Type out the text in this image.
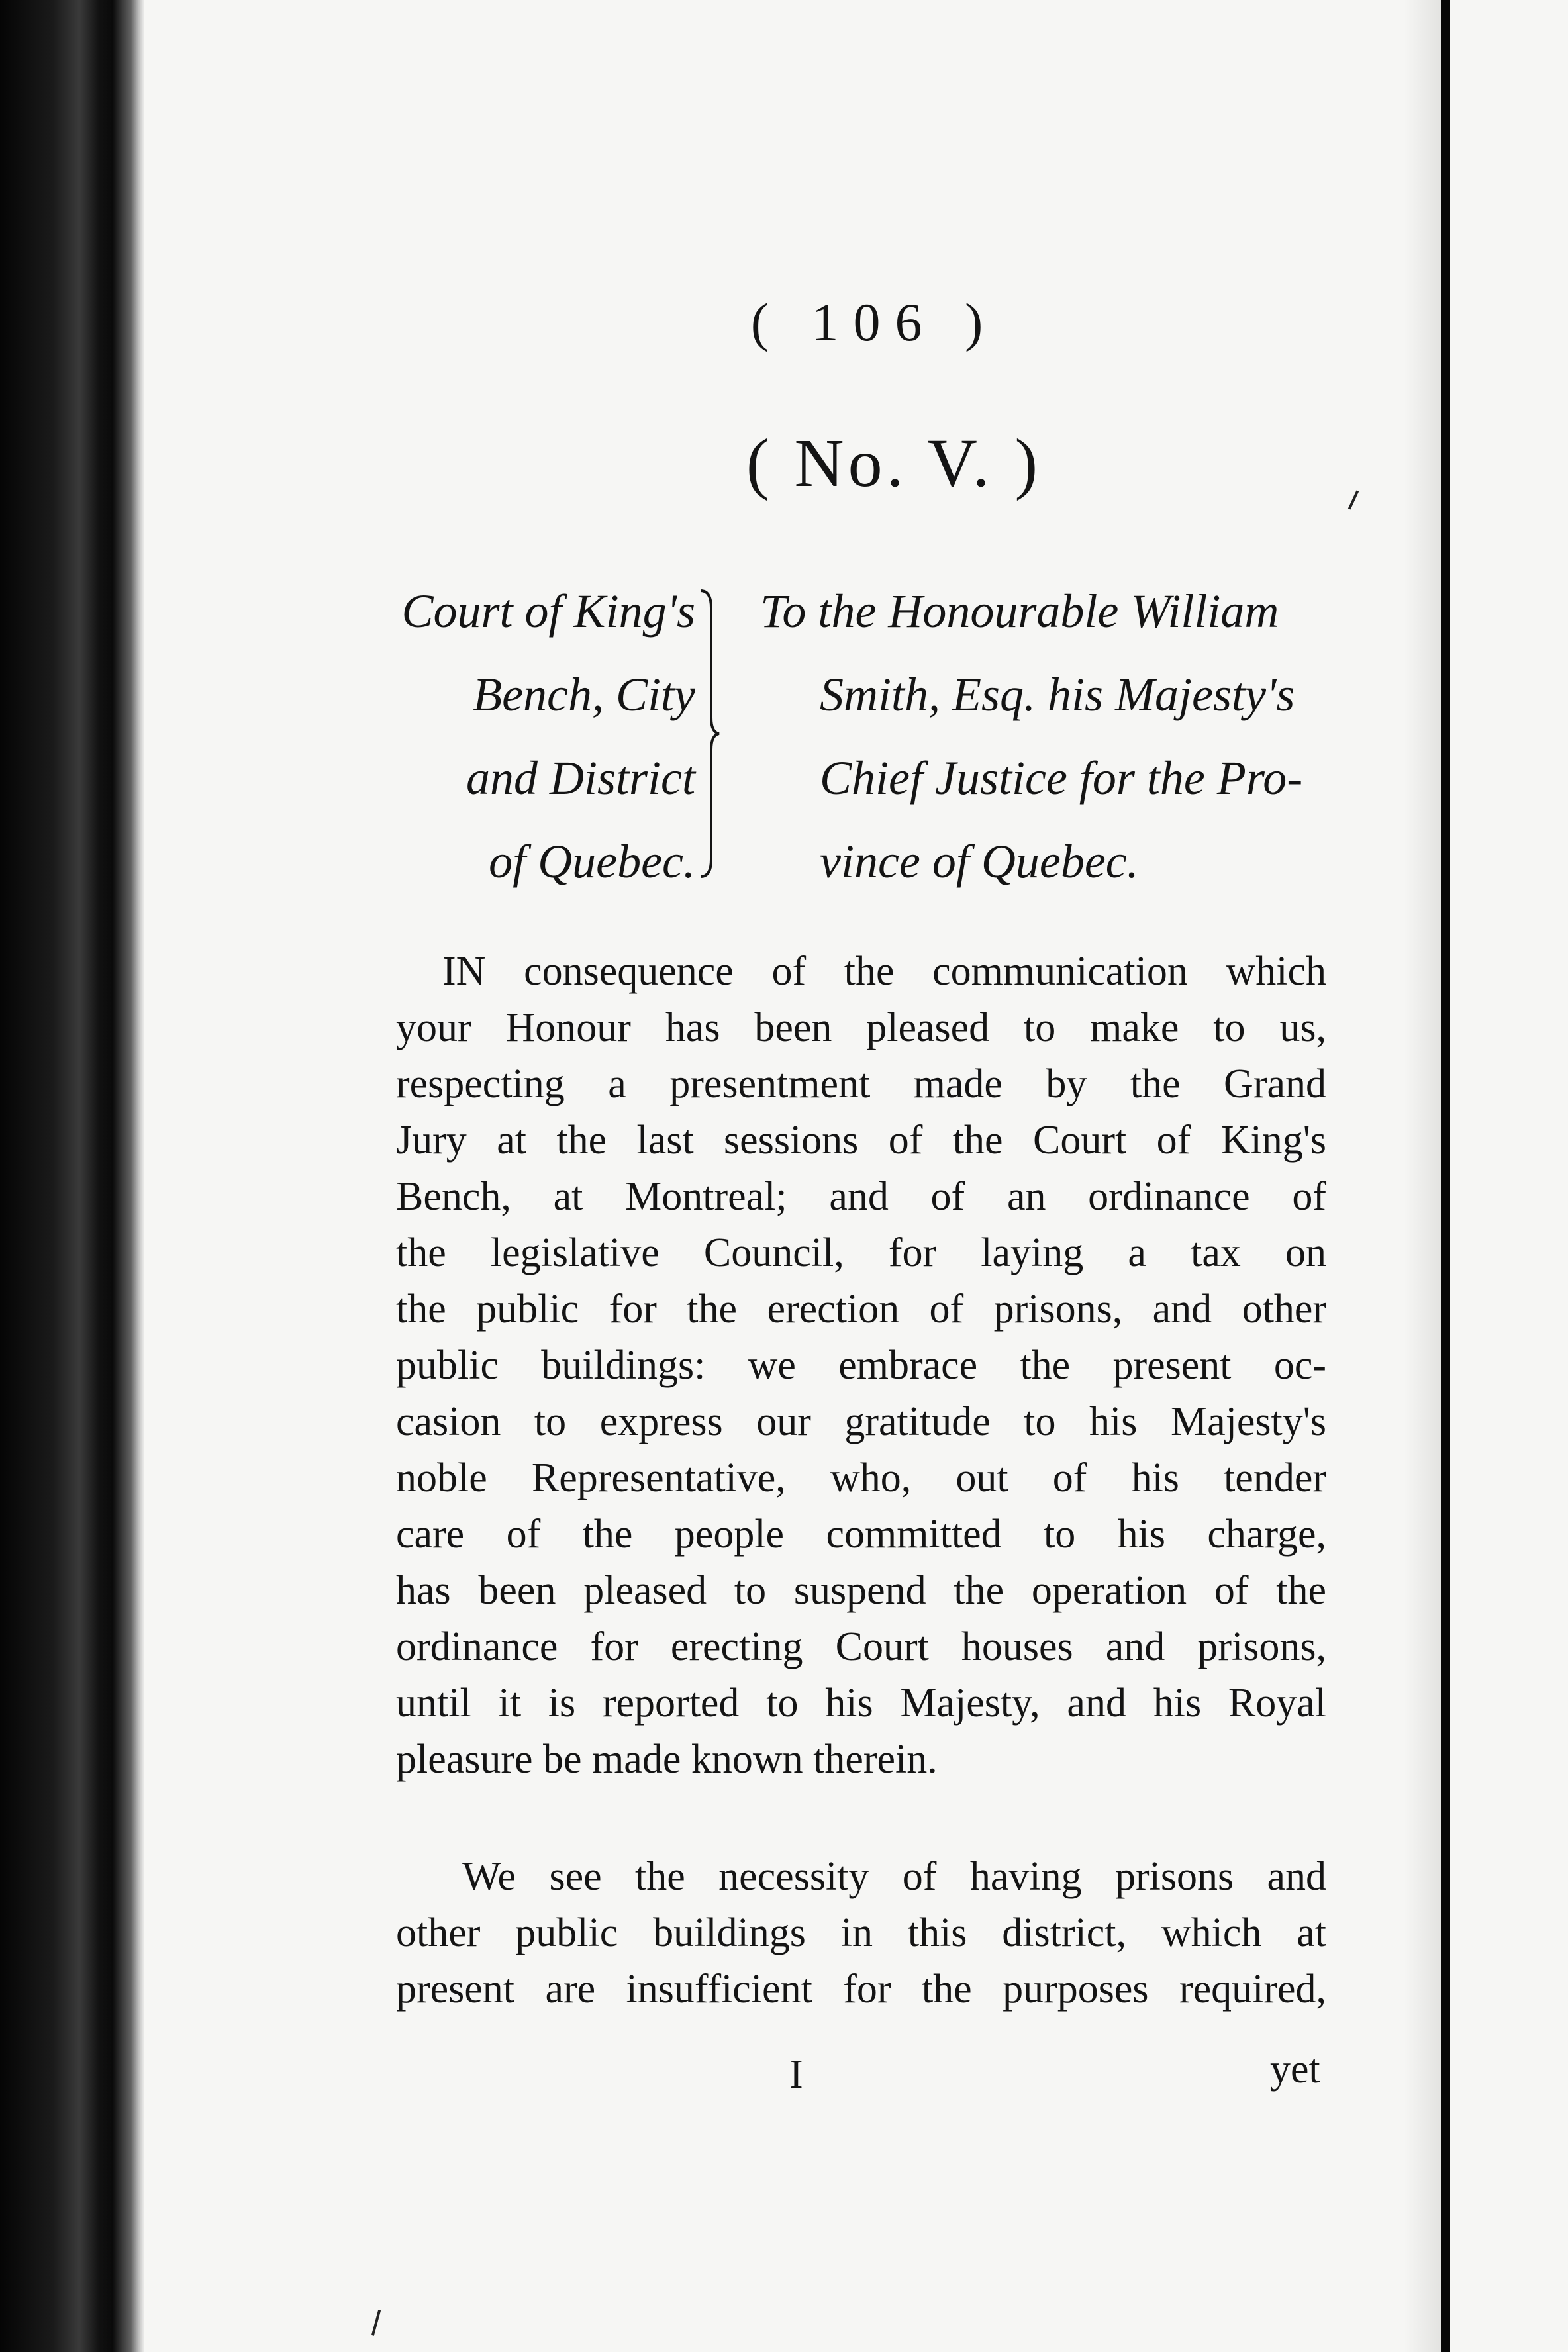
( 106 )
( No. V. )
Court of King's
Bench, City
and District
of Quebec.
To the Honourable William
Smith, Esq. his Majesty's
Chief Justice for the Pro-
vince of Quebec.
IN consequence of the communication which
your Honour has been pleased to make to us,
respecting a presentment made by the Grand
Jury at the last sessions of the Court of King's
Bench, at Montreal; and of an ordinance of
the legislative Council, for laying a tax on
the public for the erection of prisons, and other
public buildings: we embrace the present oc-
casion to express our gratitude to his Majesty's
noble Representative, who, out of his tender
care of the people committed to his charge,
has been pleased to suspend the operation of the
ordinance for erecting Court houses and prisons,
until it is reported to his Majesty, and his Royal
pleasure be made known therein.
We see the necessity of having prisons and
other public buildings in this district, which at
present are insufficient for the purposes required,
I	yet
